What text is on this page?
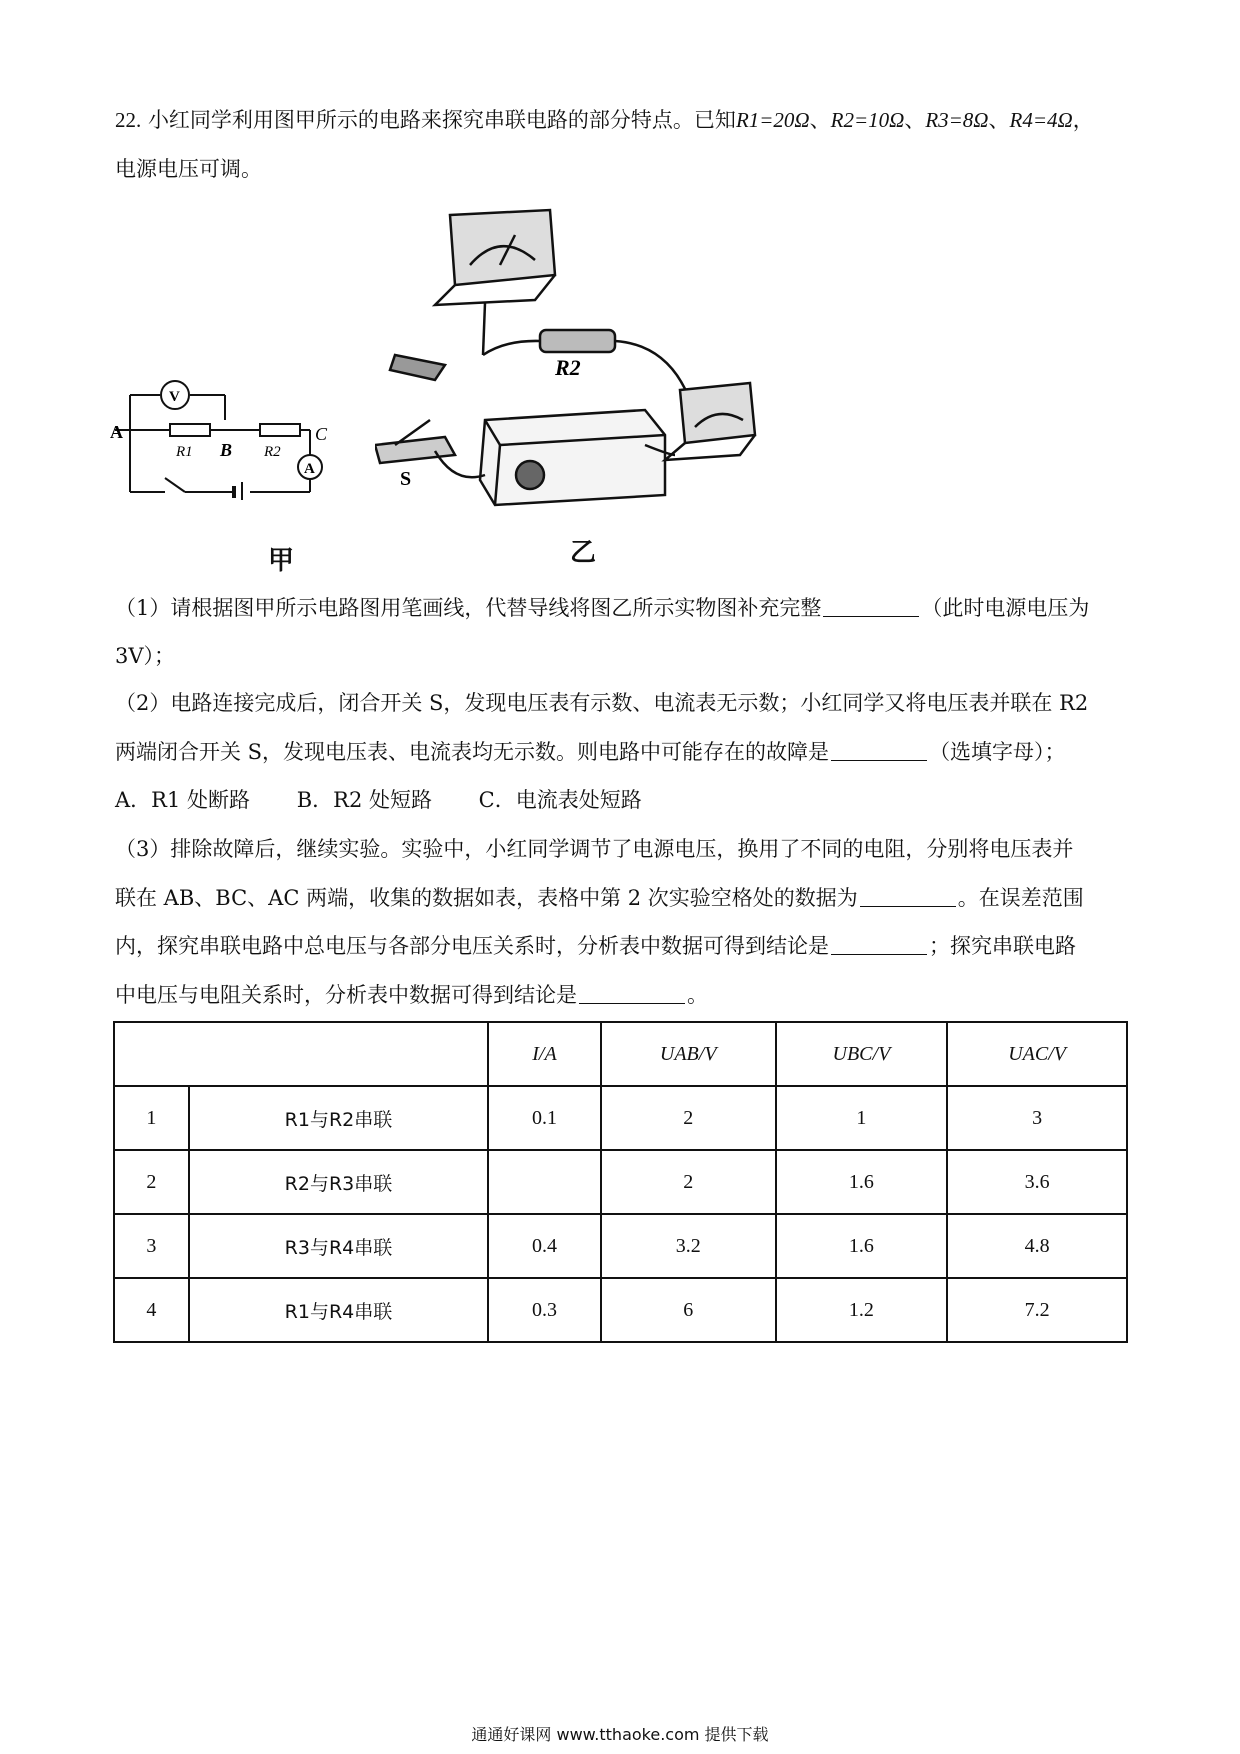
22. 小红同学利用图甲所示的电路来探究串联电路的部分特点。已知R1=20Ω、R2=10Ω、R3=8Ω、R4=4Ω，
电源电压可调。
V
A
A
B
C
R1	R2
甲
R2
S
乙
（1）请根据图甲所示电路图用笔画线，代替导线将图乙所示实物图补充完整	（此时电源电压为
3V）；
（2）电路连接完成后，闭合开关 S，发现电压表有示数、电流表无示数；小红同学又将电压表并联在 R2
两端闭合开关 S，发现电压表、电流表均无示数。则电路中可能存在的故障是	（选填字母）；
A．R1 处断路 B．R2 处短路 C．电流表处短路
（3）排除故障后，继续实验。实验中，小红同学调节了电源电压，换用了不同的电阻，分别将电压表并
联在 AB、BC、AC 两端，收集的数据如表，表格中第 2 次实验空格处的数据为	。在误差范围
内，探究串联电路中总电压与各部分电压关系时，分析表中数据可得到结论是	；探究串联电路
中电压与电阻关系时，分析表中数据可得到结论是	。
		I/A	UAB/V	UBC/V	UAC/V
1	R1与R2串联	0.1	2	1	3
2	R2与R3串联		2	1.6	3.6
3	R3与R4串联	0.4	3.2	1.6	4.8
4	R1与R4串联	0.3	6	1.2	7.2
通通好课网 www.tthaoke.com 提供下载
